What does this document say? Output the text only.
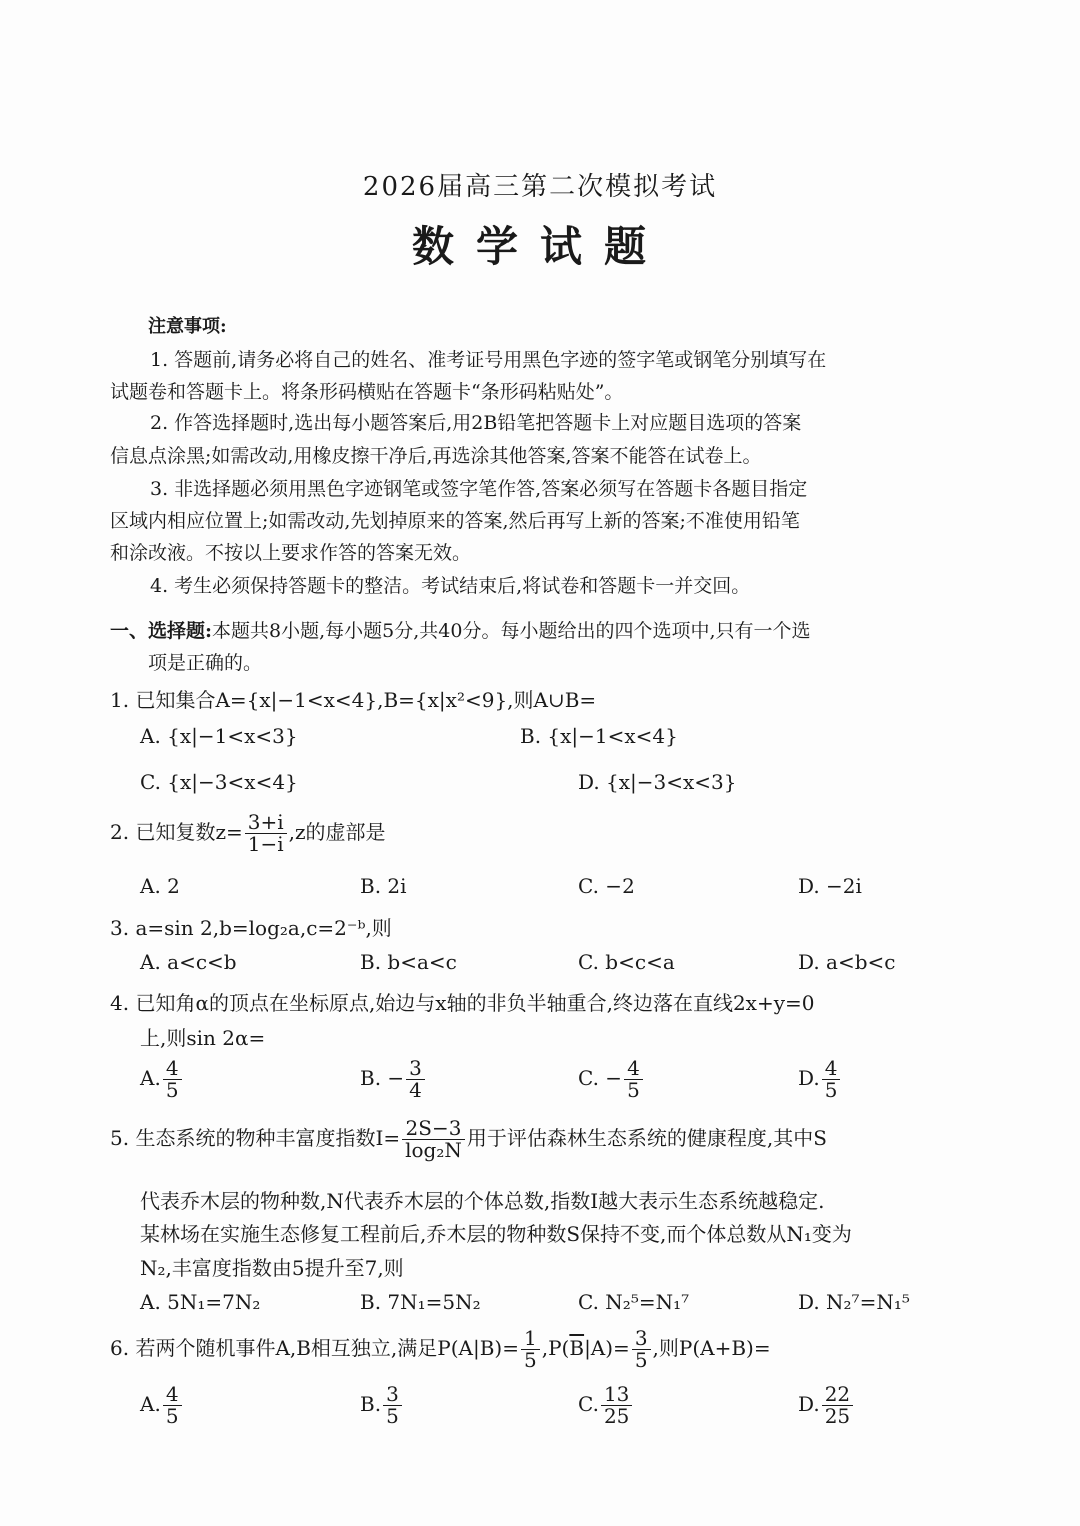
2026届高三第二次模拟考试
数学试题
注意事项:
1. 答题前,请务必将自己的姓名、准考证号用黑色字迹的签字笔或钢笔分别填写在
试题卷和答题卡上。将条形码横贴在答题卡“条形码粘贴处”。
2. 作答选择题时,选出每小题答案后,用2B铅笔把答题卡上对应题目选项的答案
信息点涂黑;如需改动,用橡皮擦干净后,再选涂其他答案,答案不能答在试卷上。
3. 非选择题必须用黑色字迹钢笔或签字笔作答,答案必须写在答题卡各题目指定
区域内相应位置上;如需改动,先划掉原来的答案,然后再写上新的答案;不准使用铅笔
和涂改液。不按以上要求作答的答案无效。
4. 考生必须保持答题卡的整洁。考试结束后,将试卷和答题卡一并交回。
一、选择题:本题共8小题,每小题5分,共40分。每小题给出的四个选项中,只有一个选
项是正确的。
1. 已知集合A={x|−1<x<4},B={x|x²<9},则A∪B=
A. {x|−1<x<3}	B. {x|−1<x<4}
C. {x|−3<x<4}	D. {x|−3<x<3}
2. 已知复数$z= \frac{3+i}{1-i} ,z$的虚部是
A. 2	B. 2i	C. −2	D. −2i
3. a=sin 2,b=log₂a,c=2⁻ᵇ,则
A. a<c<b	B. b<a<c	C. b<c<a	D. a<b<c
4. 已知角α的顶点在坐标原点,始边与x轴的非负半轴重合,终边落在直线2x+y=0
上,则sin 2α=
A. $\frac{4}{5}$	B. − $\frac{3}{4}$	C. − $\frac{4}{5}$	D. $\frac{4}{5}$
5. 生态系统的物种丰富度指数$I= \frac{2S-3}{\text{log₂N}}$ 用于评估森林生态系统的健康程度,其中S
代表乔木层的物种数,N代表乔木层的个体总数,指数I越大表示生态系统越稳定.
某林场在实施生态修复工程前后,乔木层的物种数S保持不变,而个体总数从N₁变为
N₂,丰富度指数由5提升至7,则
A. 5N₁=7N₂	B. 7N₁=5N₂	C. N₂⁵=N₁⁷	D. N₂⁷=N₁⁵
6. 若两个随机事件A,B相互独立,满足$P(A|B)= \frac{1}{5} ,P(\overline{B}|A)= \frac{3}{5}$ ,则P(A+B)=
A. $\frac{4}{5}$	B. $\frac{3}{5}$	C. $\frac{13}{25}$	D. $\frac{22}{25}$
